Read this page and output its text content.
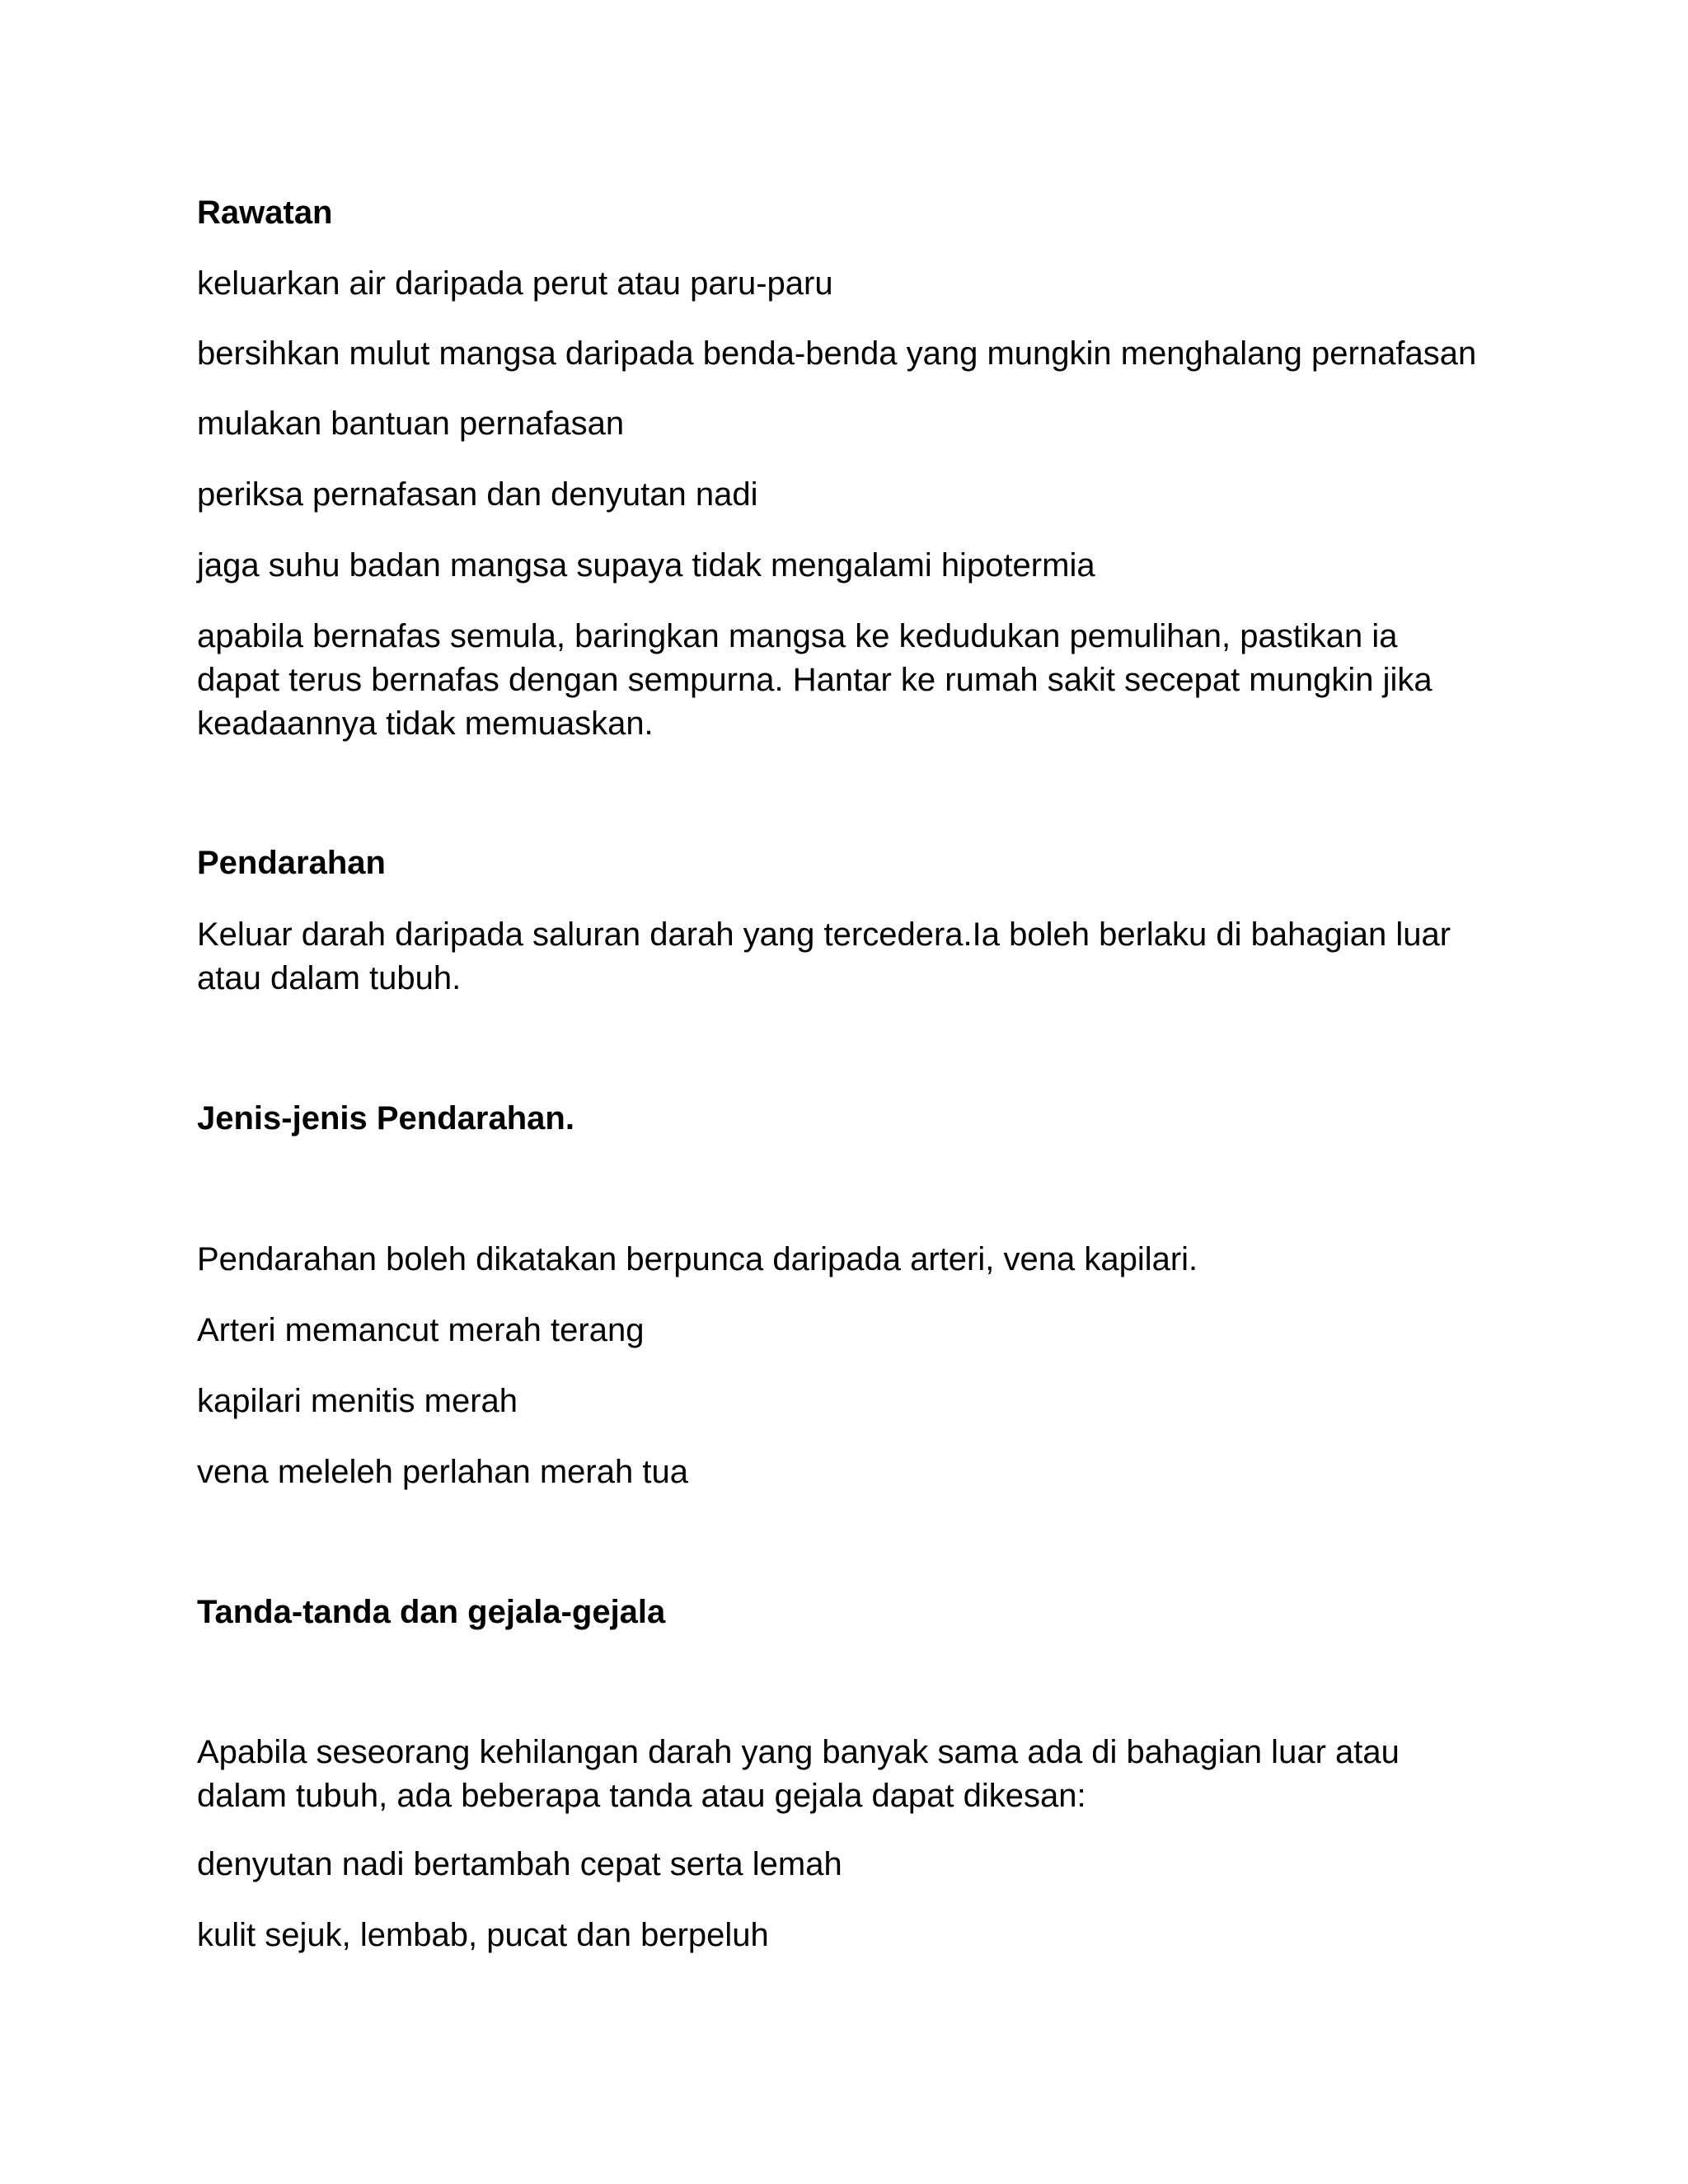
Rawatan

keluarkan air daripada perut atau paru-paru

bersihkan mulut mangsa daripada benda-benda yang mungkin menghalang pernafasan

mulakan bantuan pernafasan

periksa pernafasan dan denyutan nadi

jaga suhu badan mangsa supaya tidak mengalami hipotermia

apabila bernafas semula, baringkan mangsa ke kedudukan pemulihan, pastikan ia dapat terus bernafas dengan sempurna. Hantar ke rumah sakit secepat mungkin jika keadaannya tidak memuaskan.

Pendarahan

Keluar darah daripada saluran darah yang tercedera.Ia boleh berlaku di bahagian luar atau dalam tubuh.

Jenis-jenis Pendarahan.

Pendarahan boleh dikatakan berpunca daripada arteri, vena kapilari.

Arteri memancut merah terang

kapilari menitis merah

vena meleleh perlahan merah tua

Tanda-tanda dan gejala-gejala

Apabila seseorang kehilangan darah yang banyak sama ada di bahagian luar atau dalam tubuh, ada beberapa tanda atau gejala dapat dikesan:

denyutan nadi bertambah cepat serta lemah

kulit sejuk, lembab, pucat dan berpeluh
